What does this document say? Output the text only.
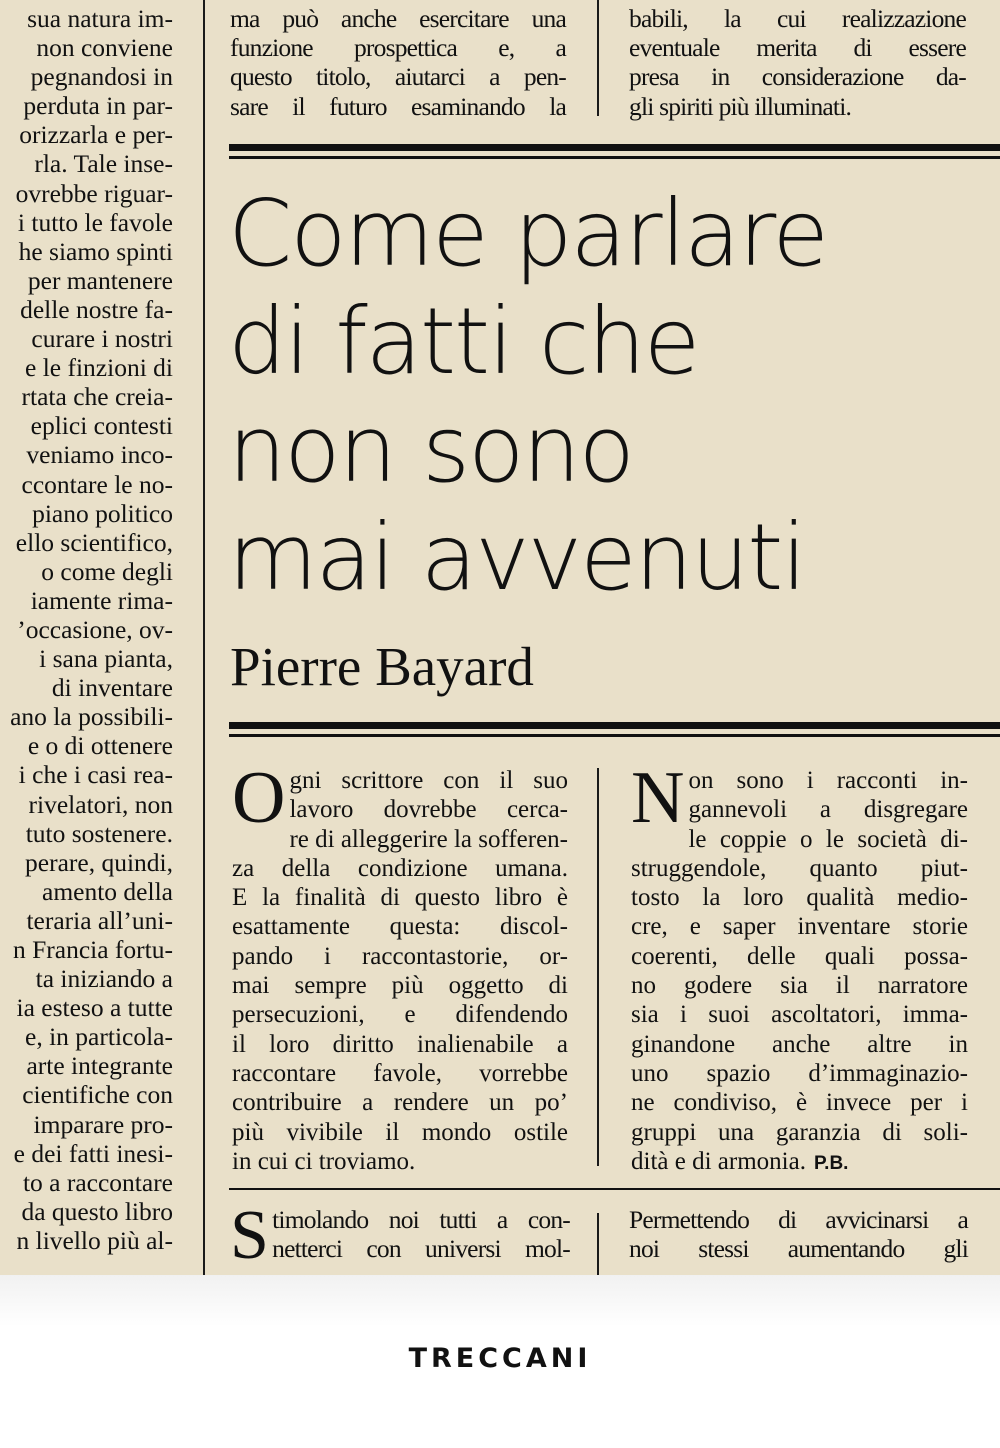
sua natura im-
non conviene
pegnandosi in
perduta in par-
orizzarla e per-
rla. Tale inse-
ovrebbe riguar-
i tutto le favole
he siamo spinti
per mantenere
delle nostre fa-
curare i nostri
e le finzioni di
rtata che creia-
eplici contesti
veniamo inco-
ccontare le no-
piano politico
ello scientifico,
o come degli
iamente rima-
’occasione, ov-
i sana pianta,
di inventare
ano la possibili-
e o di ottenere
i che i casi rea-
rivelatori, non
tuto sostenere.
perare, quindi,
amento della
teraria all’uni-
n Francia fortu-
ta iniziando a
ia esteso a tutte
e, in particola-
arte integrante
cientifiche con
imparare pro-
e dei fatti inesi-
to a raccontare
da questo libro
n livello più al-
ma può anche esercitare una
funzione prospettica e, a
questo titolo, aiutarci a pen-
sare il futuro esaminando la
babili, la cui realizzazione
eventuale merita di essere
presa in considerazione da-
gli spiriti più illuminati.
Come parlare
di fatti che
non sono
mai avvenuti
Pierre Bayard
O gni scrittore con il suo
lavoro dovrebbe cerca-
re di alleggerire la sofferen-
za della condizione umana.
E la finalità di questo libro è
esattamente questa: discol-
pando i raccontastorie, or-
mai sempre più oggetto di
persecuzioni, e difendendo
il loro diritto inalienabile a
raccontare favole, vorrebbe
contribuire a rendere un po’
più vivibile il mondo ostile
in cui ci troviamo.
N on sono i racconti in-
gannevoli a disgregare
le coppie o le società di-
struggendole, quanto piut-
tosto la loro qualità medio-
cre, e saper inventare storie
coerenti, delle quali possa-
no godere sia il narratore
sia i suoi ascoltatori, imma-
ginandone anche altre in
uno spazio d’immaginazio-
ne condiviso, è invece per i
gruppi una garanzia di soli-
dità e di armonia. P.B.
S timolando noi tutti a con-
netterci con universi mol-
Permettendo di avvicinarsi a
noi stessi aumentando gli
TRECCANI
